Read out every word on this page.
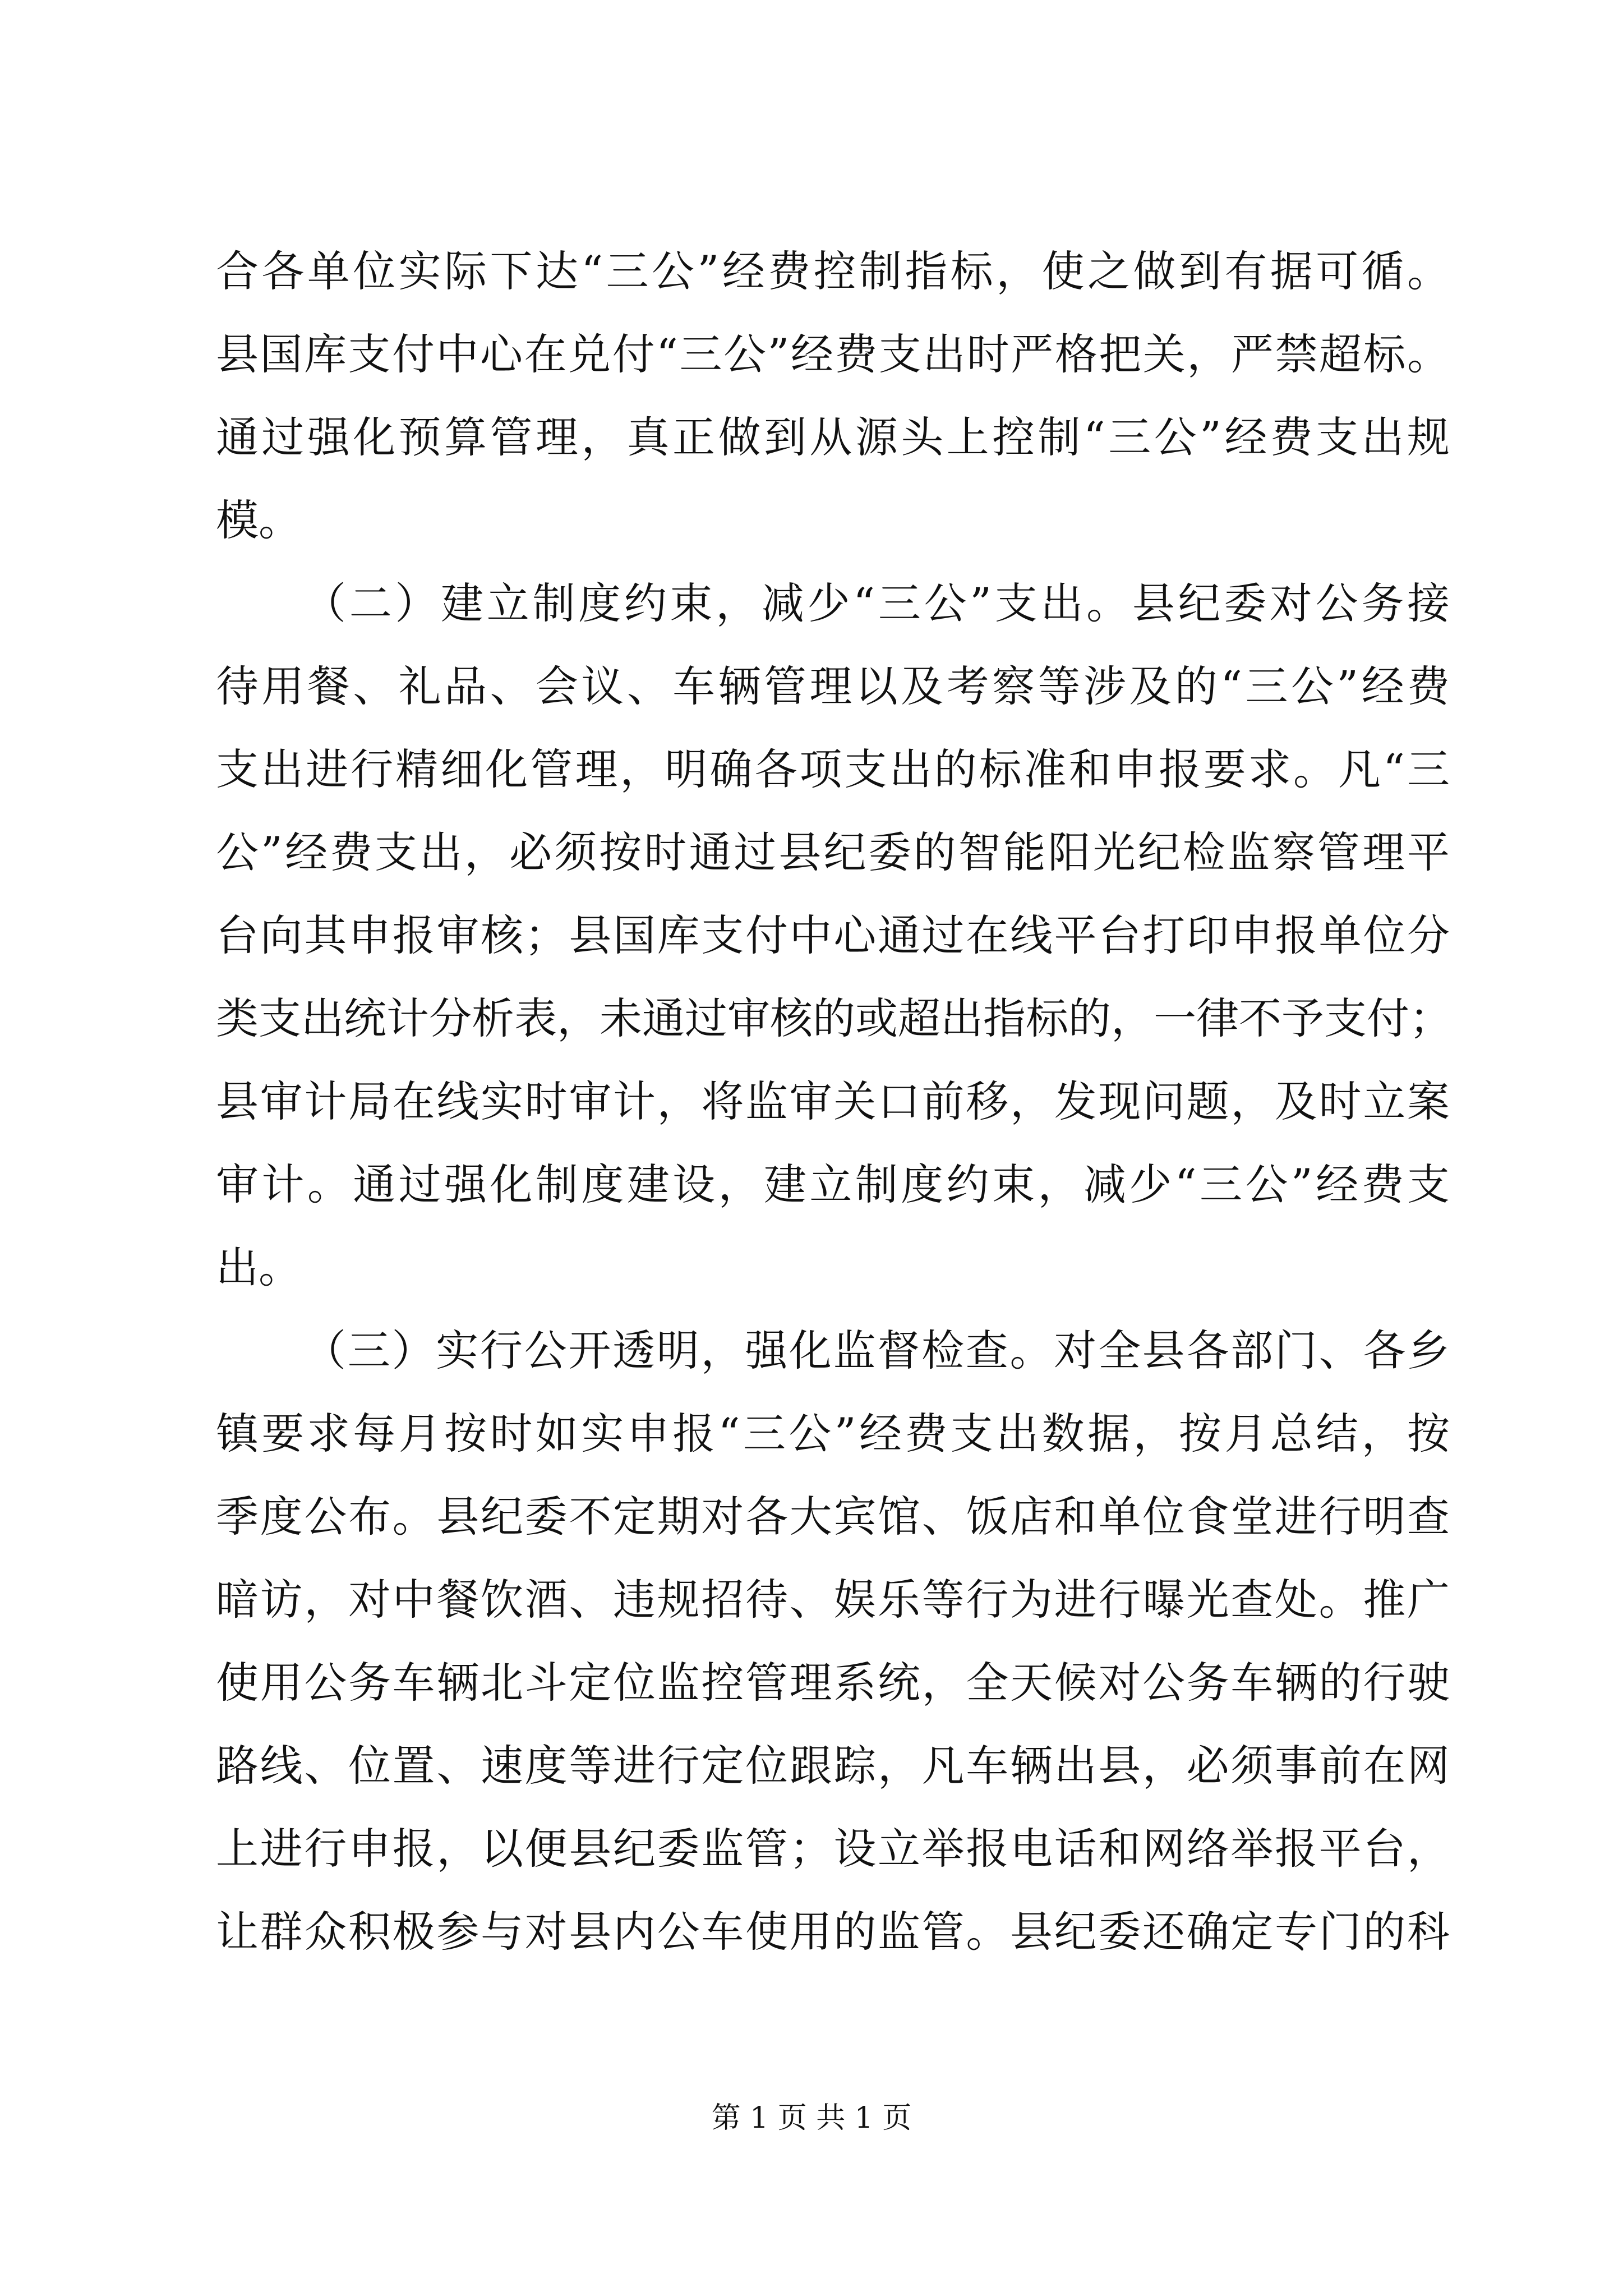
合各单位实际下达“三公”经费控制指标，使之做到有据可循。
县国库支付中心在兑付“三公”经费支出时严格把关，严禁超标。
通过强化预算管理，真正做到从源头上控制“三公”经费支出规
模。
（二）建立制度约束，减少“三公”支出。县纪委对公务接
待用餐、礼品、会议、车辆管理以及考察等涉及的“三公”经费
支出进行精细化管理，明确各项支出的标准和申报要求。凡“三
公”经费支出，必须按时通过县纪委的智能阳光纪检监察管理平
台向其申报审核；县国库支付中心通过在线平台打印申报单位分
类支出统计分析表，未通过审核的或超出指标的，一律不予支付；
县审计局在线实时审计，将监审关口前移，发现问题，及时立案
审计。通过强化制度建设，建立制度约束，减少“三公”经费支
出。
（三）实行公开透明，强化监督检查。对全县各部门、各乡
镇要求每月按时如实申报“三公”经费支出数据，按月总结，按
季度公布。县纪委不定期对各大宾馆、饭店和单位食堂进行明查
暗访，对中餐饮酒、违规招待、娱乐等行为进行曝光查处。推广
使用公务车辆北斗定位监控管理系统，全天候对公务车辆的行驶
路线、位置、速度等进行定位跟踪，凡车辆出县，必须事前在网
上进行申报，以便县纪委监管；设立举报电话和网络举报平台，
让群众积极参与对县内公车使用的监管。县纪委还确定专门的科
第 1 页 共 1 页
